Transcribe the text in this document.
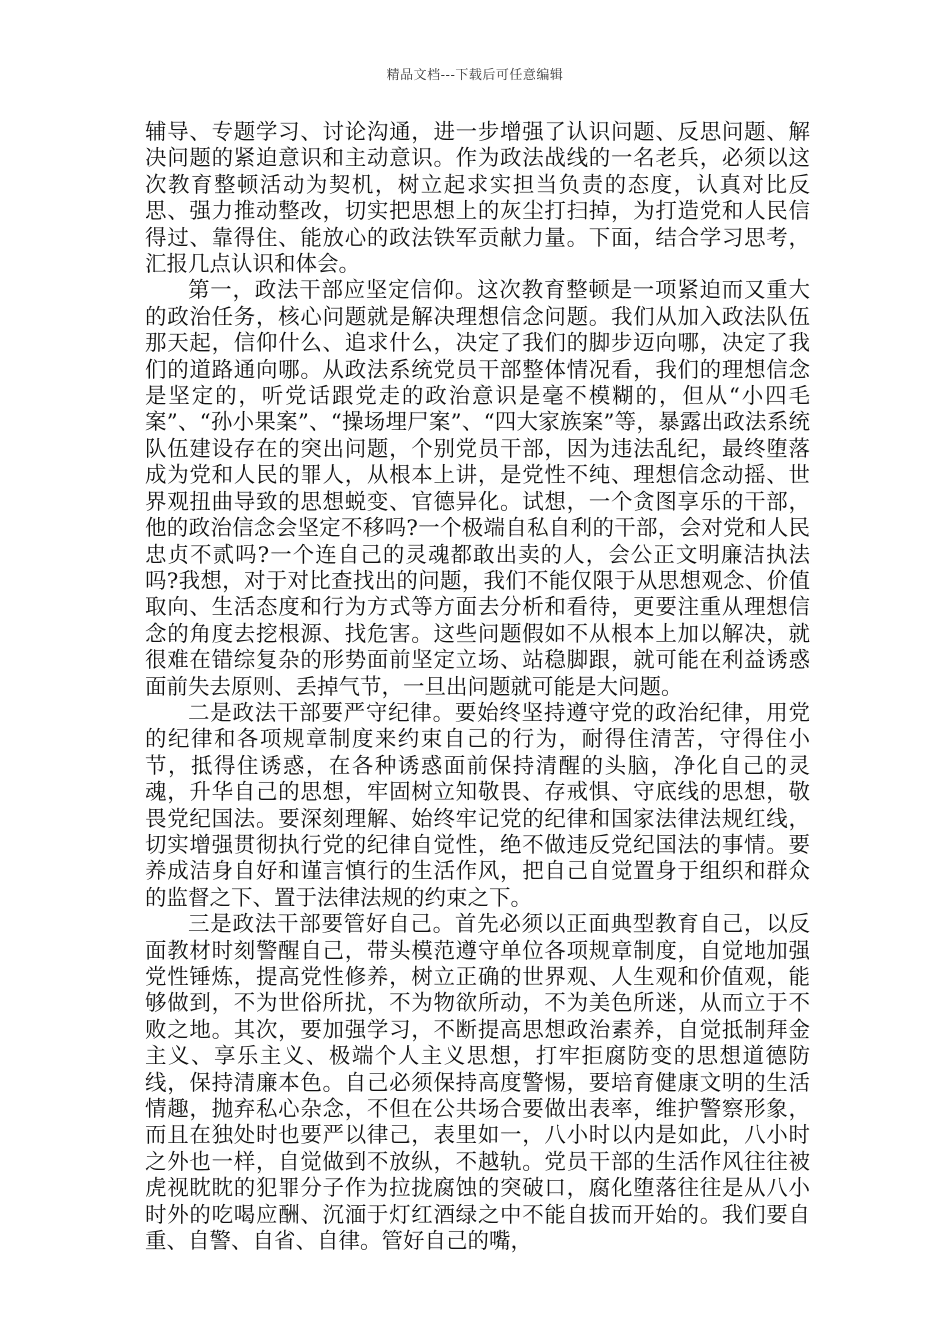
精品文档---下载后可任意编辑

辅导、专题学习、讨论沟通，进一步增强了认识问题、反思问题、解决问题的紧迫意识和主动意识。作为政法战线的一名老兵，必须以这次教育整顿活动为契机，树立起求实担当负责的态度，认真对比反思、强力推动整改，切实把思想上的灰尘打扫掉，为打造党和人民信得过、靠得住、能放心的政法铁军贡献力量。下面，结合学习思考，汇报几点认识和体会。

第一，政法干部应坚定信仰。这次教育整顿是一项紧迫而又重大的政治任务，核心问题就是解决理想信念问题。我们从加入政法队伍那天起，信仰什么、追求什么，决定了我们的脚步迈向哪，决定了我们的道路通向哪。从政法系统党员干部整体情况看，我们的理想信念是坚定的，听党话跟党走的政治意识是毫不模糊的，但从“小四毛案”、“孙小果案”、“操场埋尸案”、“四大家族案”等，暴露出政法系统队伍建设存在的突出问题，个别党员干部，因为违法乱纪，最终堕落成为党和人民的罪人，从根本上讲，是党性不纯、理想信念动摇、世界观扭曲导致的思想蜕变、官德异化。试想，一个贪图享乐的干部，他的政治信念会坚定不移吗?一个极端自私自利的干部，会对党和人民忠贞不贰吗?一个连自己的灵魂都敢出卖的人，会公正文明廉洁执法吗?我想，对于对比查找出的问题，我们不能仅限于从思想观念、价值取向、生活态度和行为方式等方面去分析和看待，更要注重从理想信念的角度去挖根源、找危害。这些问题假如不从根本上加以解决，就很难在错综复杂的形势面前坚定立场、站稳脚跟，就可能在利益诱惑面前失去原则、丢掉气节，一旦出问题就可能是大问题。

二是政法干部要严守纪律。要始终坚持遵守党的政治纪律，用党的纪律和各项规章制度来约束自己的行为，耐得住清苦，守得住小节，抵得住诱惑，在各种诱惑面前保持清醒的头脑，净化自己的灵魂，升华自己的思想，牢固树立知敬畏、存戒惧、守底线的思想，敬畏党纪国法。要深刻理解、始终牢记党的纪律和国家法律法规红线，切实增强贯彻执行党的纪律自觉性，绝不做违反党纪国法的事情。要养成洁身自好和谨言慎行的生活作风，把自己自觉置身于组织和群众的监督之下、置于法律法规的约束之下。

三是政法干部要管好自己。首先必须以正面典型教育自己，以反面教材时刻警醒自己，带头模范遵守单位各项规章制度，自觉地加强党性锤炼，提高党性修养，树立正确的世界观、人生观和价值观，能够做到，不为世俗所扰，不为物欲所动，不为美色所迷，从而立于不败之地。其次，要加强学习，不断提高思想政治素养，自觉抵制拜金主义、享乐主义、极端个人主义思想，打牢拒腐防变的思想道德防线，保持清廉本色。自己必须保持高度警惕，要培育健康文明的生活情趣，抛弃私心杂念，不但在公共场合要做出表率，维护警察形象，而且在独处时也要严以律己，表里如一，八小时以内是如此，八小时之外也一样，自觉做到不放纵，不越轨。党员干部的生活作风往往被虎视眈眈的犯罪分子作为拉拢腐蚀的突破口，腐化堕落往往是从八小时外的吃喝应酬、沉湎于灯红酒绿之中不能自拔而开始的。我们要自重、自警、自省、自律。管好自己的嘴，
